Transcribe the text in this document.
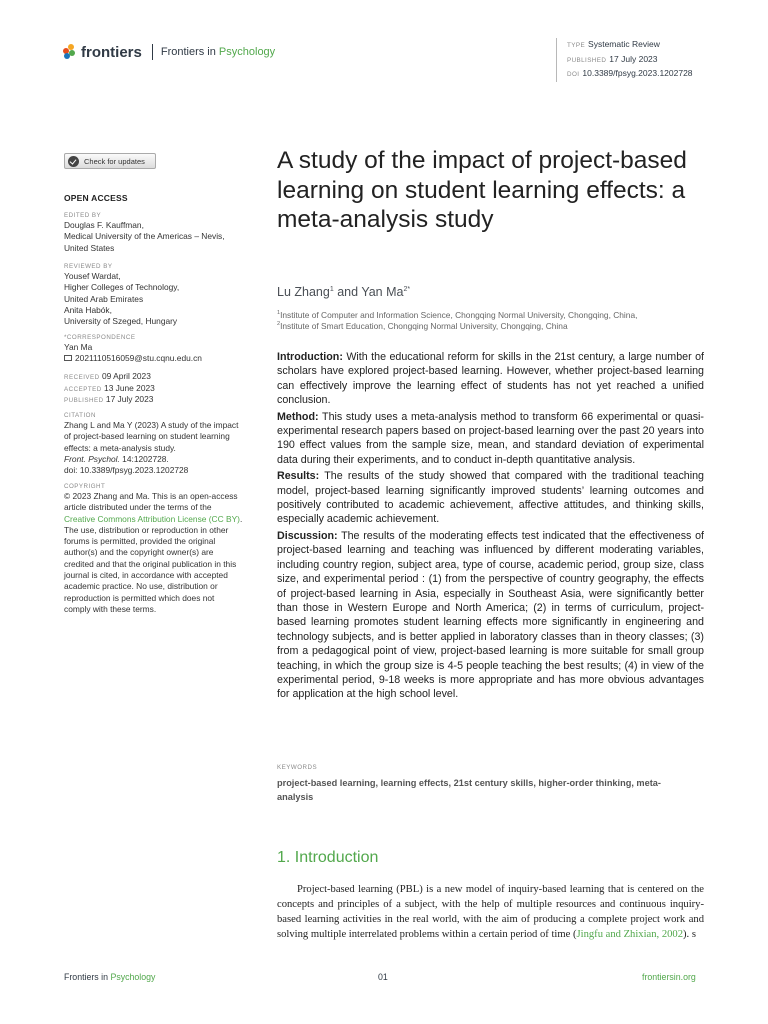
frontiers Frontiers in Psychology
TYPE Systematic Review
PUBLISHED 17 July 2023
DOI 10.3389/fpsyg.2023.1202728
Check for updates
OPEN ACCESS
EDITED BY
Douglas F. Kauffman,
Medical University of the Americas – Nevis,
United States
REVIEWED BY
Yousef Wardat,
Higher Colleges of Technology,
United Arab Emirates
Anita Habók,
University of Szeged, Hungary
*CORRESPONDENCE
Yan Ma
2021110516059@stu.cqnu.edu.cn
RECEIVED 09 April 2023
ACCEPTED 13 June 2023
PUBLISHED 17 July 2023
CITATION
Zhang L and Ma Y (2023) A study of the impact
of project-based learning on student learning
effects: a meta-analysis study.
Front. Psychol. 14:1202728.
doi: 10.3389/fpsyg.2023.1202728
COPYRIGHT
© 2023 Zhang and Ma. This is an open-access
article distributed under the terms of the
Creative Commons Attribution License (CC BY).
The use, distribution or reproduction in other
forums is permitted, provided the original
author(s) and the copyright owner(s) are
credited and that the original publication in this
journal is cited, in accordance with accepted
academic practice. No use, distribution or
reproduction is permitted which does not
comply with these terms.
A study of the impact of project-based learning on student learning effects: a meta-analysis study
Lu Zhang$^1$ and Yan $Ma^{2*}$
$^1$Institute of Computer and Information Science, Chongqing Normal University, Chongqing, China,
$^2$Institute of Smart Education, Chongqing Normal University, Chongqing, China

Introduction: With the educational reform for skills in the 21st century, a large number of scholars have explored project-based learning. However, whether project-based learning can effectively improve the learning effect of students has not yet reached a unified conclusion.

Method: This study uses a meta-analysis method to transform 66 experimental or quasi-experimental research papers based on project-based learning over the past 20 years into 190 effect values from the sample size, mean, and standard deviation of experimental data during their experiments, and to conduct in-depth quantitative analysis.

Results: The results of the study showed that compared with the traditional teaching model, project-based learning significantly improved students’ learning outcomes and positively contributed to academic achievement, affective attitudes, and thinking skills, especially academic achievement.

Discussion: The results of the moderating effects test indicated that the effectiveness of project-based learning and teaching was influenced by different moderating variables, including country region, subject area, type of course, academic period, group size, class size, and experimental period : (1) from the perspective of country geography, the effects of project-based learning in Asia, especially in Southeast Asia, were significantly better than those in Western Europe and North America; (2) in terms of curriculum, project-based learning promotes student learning effects more significantly in engineering and technology subjects, and is better applied in laboratory classes than in theory classes; (3) from a pedagogical point of view, project-based learning is more suitable for small group teaching, in which the group size is 4-5 people teaching the best results; (4) in view of the experimental period, 9-18 weeks is more appropriate and has more obvious advantages for application at the high school level.

KEYWORDS
project-based learning, learning effects, 21st century skills, higher-order thinking, meta-analysis
1. Introduction
Project-based learning (PBL) is a new model of inquiry-based learning that is centered on the concepts and principles of a subject, with the help of multiple resources and continuous inquiry-based learning activities in the real world, with the aim of producing a complete project work and solving multiple interrelated problems within a certain period of time (Jingfu and Zhixian, 2002). s
Frontiers in Psychology	01	frontiersin.org
